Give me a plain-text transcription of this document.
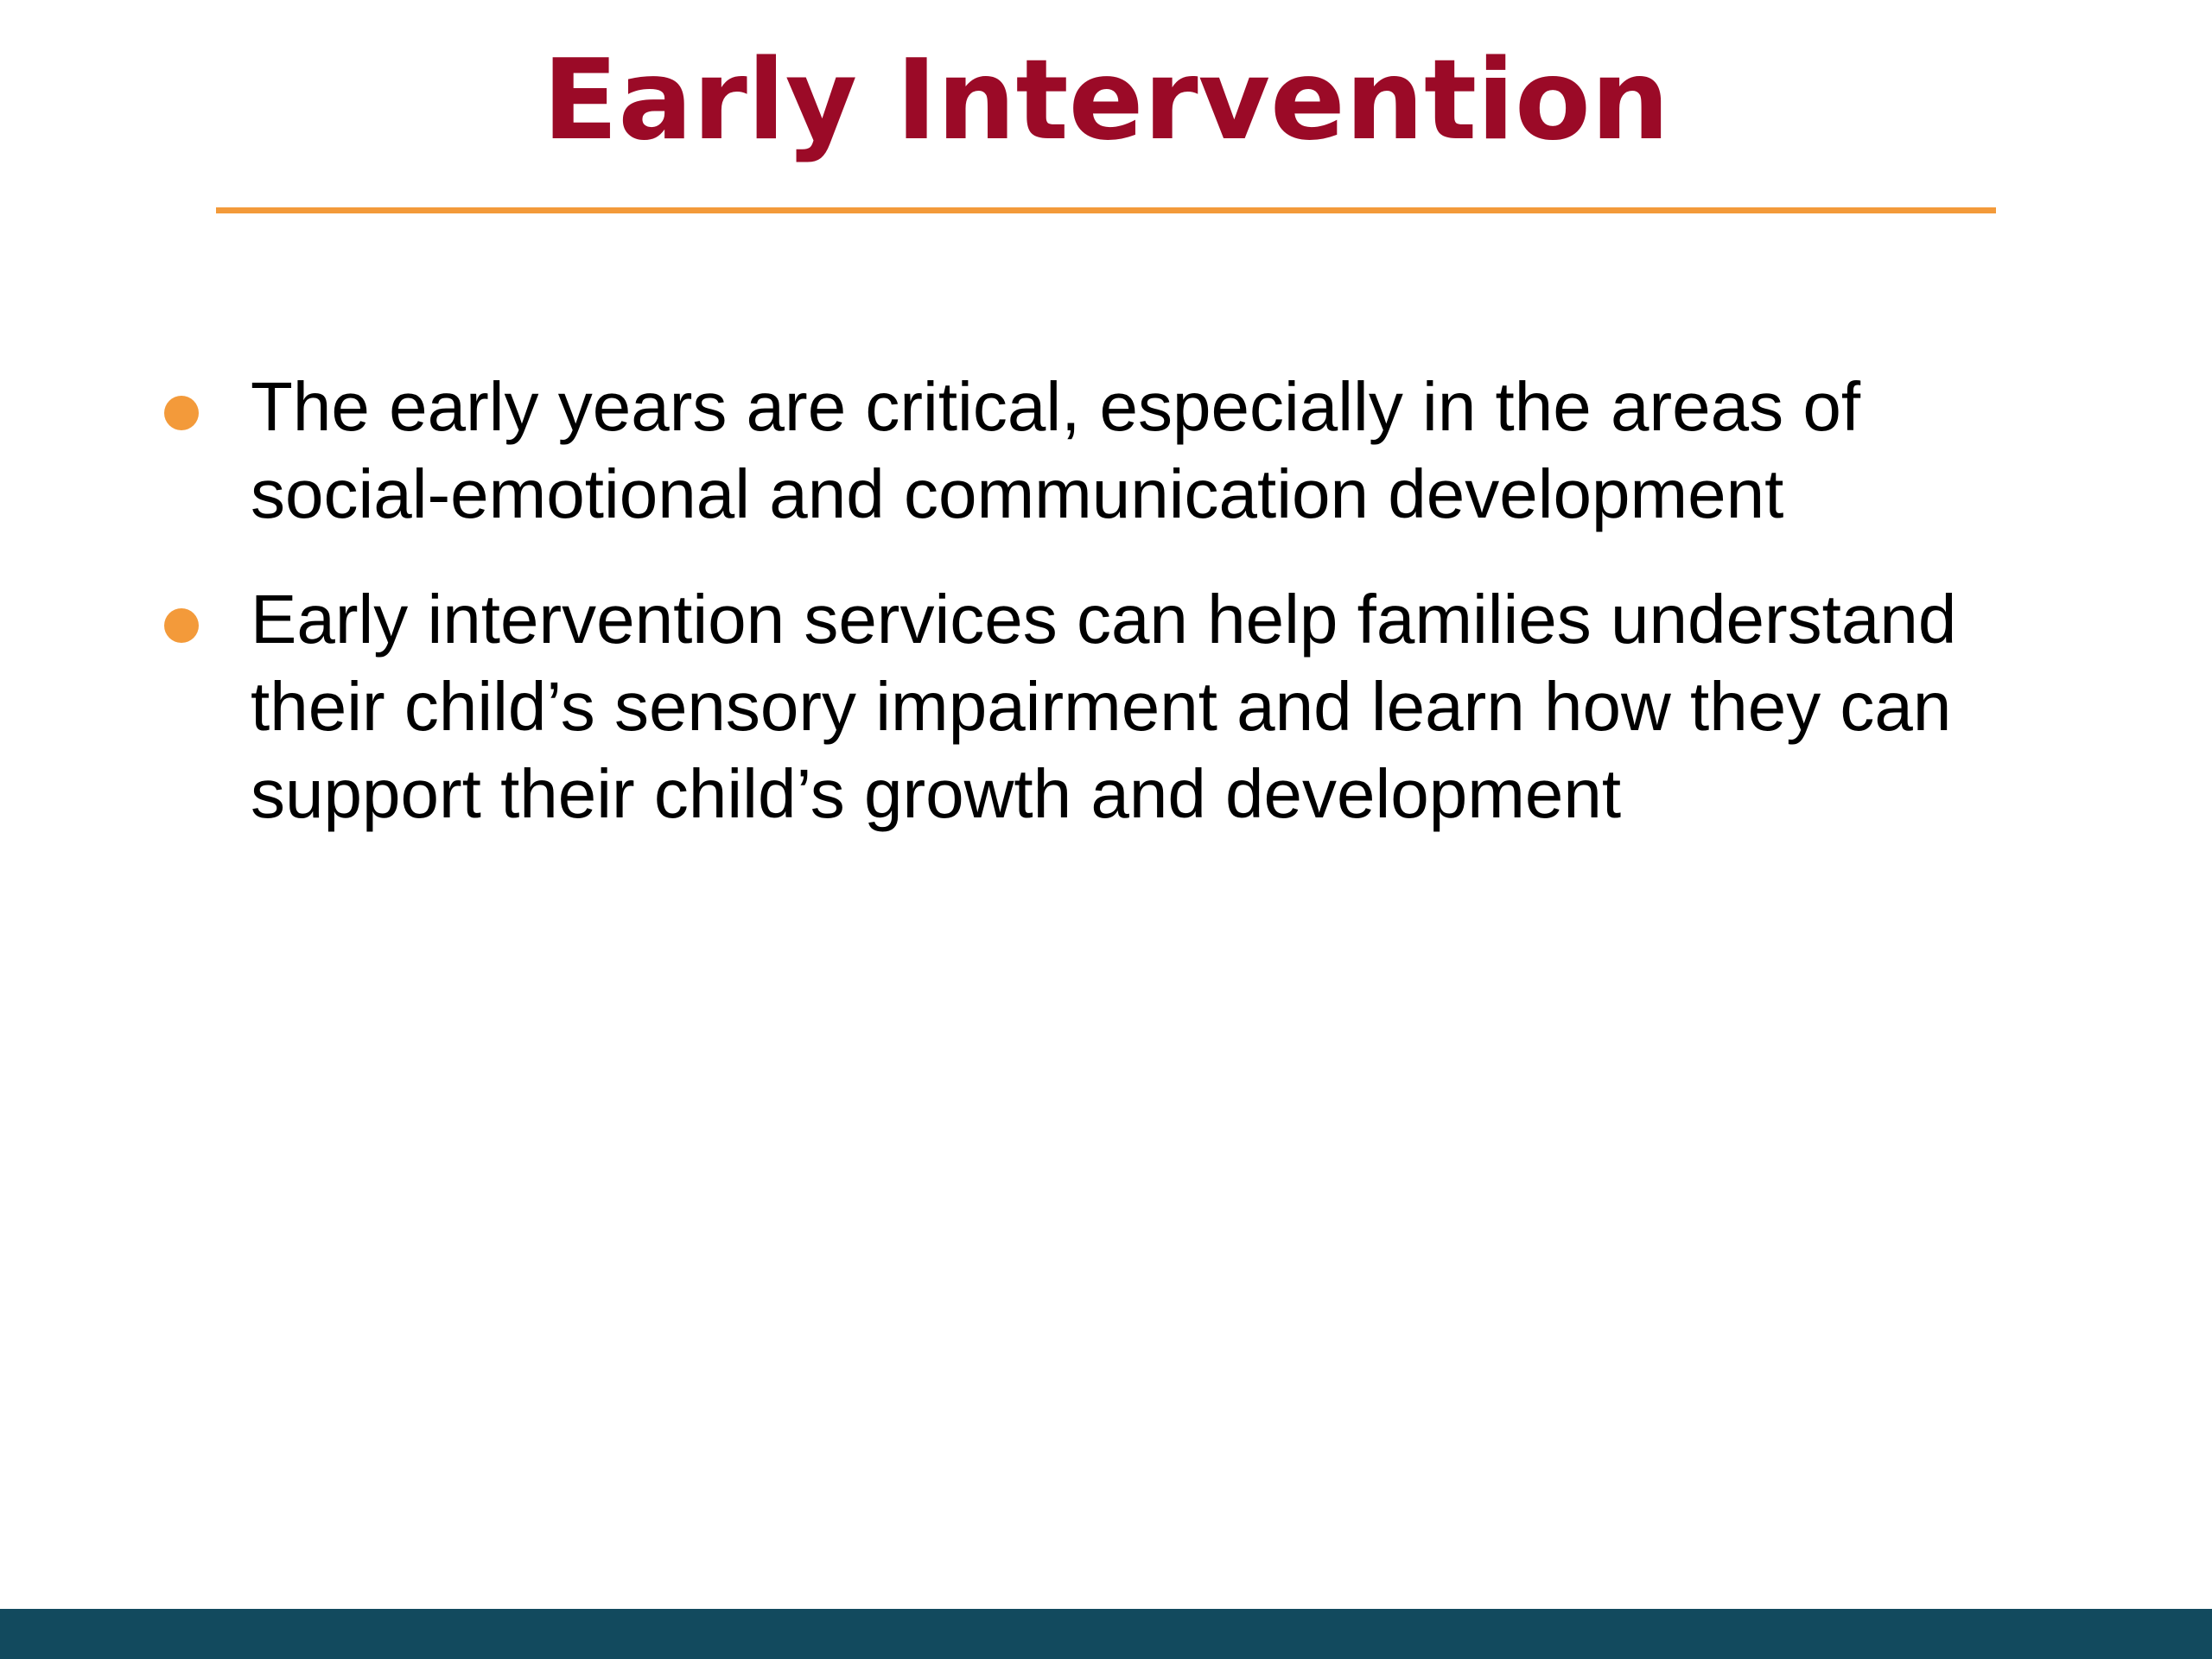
Early Intervention
The early years are critical, especially in the areas of social-emotional and communication development
Early intervention services can help families understand their child’s sensory impairment and learn how they can support their child’s growth and development
